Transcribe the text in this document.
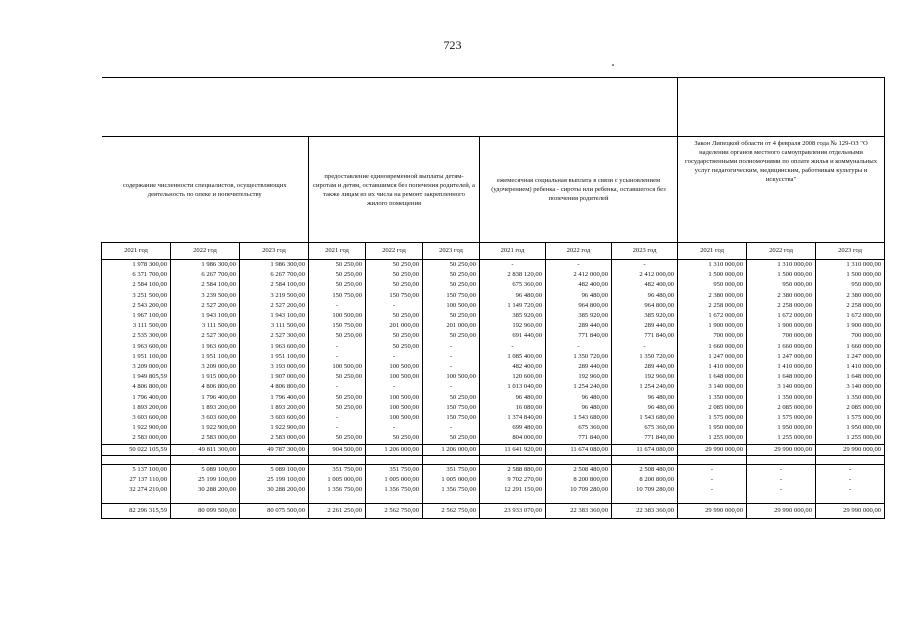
723

содержание численности специалистов, осуществляющих деятельность по опеке и попечительству			предоставление единовременной выплаты детям-сиротам и детям, оставшимся без попечения родителей, а также лицам из их числа на ремонт закрепленного жилого помещения			ежемесячная социальная выплата в связи с усыновлением (удочерением) ребенка - сироты или ребенка, оставшегося без попечения родителей			Закон Липецкой области от 4 февраля 2008 года № 129-ОЗ "О наделении органов местного самоуправления отдельными государственными полномочиями по оплате жилья и коммунальных услуг педагогическим, медицинским, работникам культуры и искусства"		
2021 год	2022 год	2023 год	2021 год	2022 год	2023 год	2021 год	2022 год	2023 год	2021 год	2022 год	2023 год
1 978 300,00	1 986 300,00	1 986 300,00	50 250,00	50 250,00	50 250,00	-	-	-	1 310 000,00	1 310 000,00	1 310 000,00
6 371 700,00	6 267 700,00	6 267 700,00	50 250,00	50 250,00	50 250,00	2 838 120,00	2 412 000,00	2 412 000,00	1 500 000,00	1 500 000,00	1 500 000,00
2 584 100,00	2 584 100,00	2 584 100,00	50 250,00	50 250,00	50 250,00	675 360,00	482 400,00	482 400,00	950 000,00	950 000,00	950 000,00
3 251 500,00	3 239 500,00	3 219 500,00	150 750,00	150 750,00	150 750,00	96 480,00	96 480,00	96 480,00	2 380 000,00	2 380 000,00	2 380 000,00
2 543 200,00	2 527 200,00	2 527 200,00	-	-	100 500,00	1 149 720,00	964 800,00	964 800,00	2 258 000,00	2 258 000,00	2 258 000,00
1 967 100,00	1 943 100,00	1 943 100,00	100 500,00	50 250,00	50 250,00	385 920,00	385 920,00	385 920,00	1 672 000,00	1 672 000,00	1 672 000,00
3 111 500,00	3 111 500,00	3 111 500,00	150 750,00	201 000,00	201 000,00	192 960,00	289 440,00	289 440,00	1 900 000,00	1 900 000,00	1 900 000,00
2 535 300,00	2 527 300,00	2 527 300,00	50 250,00	50 250,00	50 250,00	691 440,00	771 840,00	771 840,00	700 000,00	700 000,00	700 000,00
1 963 600,00	1 963 600,00	1 963 600,00	-	50 250,00	-	-	-	-	1 660 000,00	1 660 000,00	1 660 000,00
1 951 100,00	1 951 100,00	1 951 100,00	-	-	-	1 085 400,00	1 350 720,00	1 350 720,00	1 247 000,00	1 247 000,00	1 247 000,00
3 209 000,00	3 209 000,00	3 193 000,00	100 500,00	100 500,00	-	482 400,00	289 440,00	289 440,00	1 410 000,00	1 410 000,00	1 410 000,00
1 949 805,59	1 915 000,00	1 907 000,00	50 250,00	100 500,00	100 500,00	120 600,00	192 960,00	192 960,00	1 648 000,00	1 648 000,00	1 648 000,00
4 806 800,00	4 806 800,00	4 806 800,00	-	-	-	1 013 040,00	1 254 240,00	1 254 240,00	3 140 000,00	3 140 000,00	3 140 000,00
1 796 400,00	1 796 400,00	1 796 400,00	50 250,00	100 500,00	50 250,00	96 480,00	96 480,00	96 480,00	1 350 000,00	1 350 000,00	1 350 000,00
1 893 200,00	1 893 200,00	1 893 200,00	50 250,00	100 500,00	150 750,00	16 080,00	96 480,00	96 480,00	2 085 000,00	2 085 000,00	2 085 000,00
3 603 600,00	3 603 600,00	3 603 600,00	-	100 500,00	150 750,00	1 374 840,00	1 543 680,00	1 543 680,00	1 575 000,00	1 575 000,00	1 575 000,00
1 922 900,00	1 922 900,00	1 922 900,00	-	-	-	699 480,00	675 360,00	675 360,00	1 950 000,00	1 950 000,00	1 950 000,00
2 583 000,00	2 583 000,00	2 583 000,00	50 250,00	50 250,00	50 250,00	804 000,00	771 840,00	771 840,00	1 255 000,00	1 255 000,00	1 255 000,00
50 022 105,59	49 811 300,00	49 787 300,00	904 500,00	1 206 000,00	1 206 000,00	11 641 920,00	11 674 080,00	11 674 080,00	29 990 000,00	29 990 000,00	29 990 000,00

5 137 100,00	5 089 100,00	5 089 100,00	351 750,00	351 750,00	351 750,00	2 588 880,00	2 508 480,00	2 508 480,00	-	-	-
27 137 110,00	25 199 100,00	25 199 100,00	1 005 000,00	1 005 000,00	1 005 000,00	9 702 270,00	8 200 800,00	8 200 800,00	-	-	-
32 274 210,00	30 288 200,00	30 288 200,00	1 356 750,00	1 356 750,00	1 356 750,00	12 291 150,00	10 709 280,00	10 709 280,00	-	-	-

82 296 315,59	80 099 500,00	80 075 500,00	2 261 250,00	2 562 750,00	2 562 750,00	23 933 070,00	22 383 360,00	22 383 360,00	29 990 000,00	29 990 000,00	29 990 000,00
